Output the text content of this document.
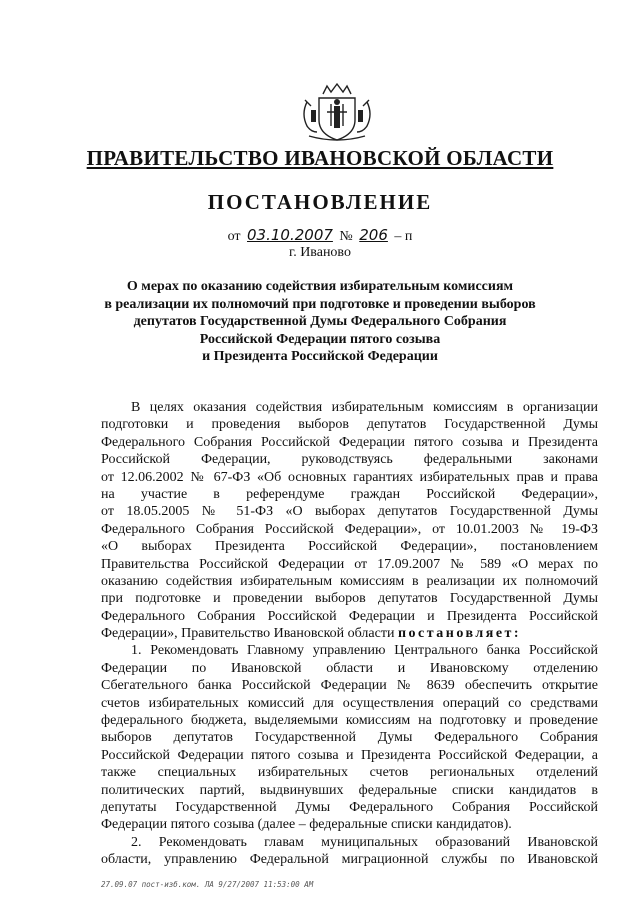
ПРАВИТЕЛЬСТВО ИВАНОВСКОЙ ОБЛАСТИ
ПОСТАНОВЛЕНИЕ
от 03.10.2007 № 206 – п
г. Иваново
О мерах по оказанию содействия избирательным комиссиям
в реализации их полномочий при подготовке и проведении выборов
депутатов Государственной Думы Федерального Собрания
Российской Федерации пятого созыва
и Президента Российской Федерации
В целях оказания содействия избирательным комиссиям в организации
подготовки и проведения выборов депутатов Государственной Думы
Федерального Собрания Российской Федерации пятого созыва и Президента
Российской Федерации, руководствуясь федеральными законами
от 12.06.2002 № 67-ФЗ «Об основных гарантиях избирательных прав и права
на участие в референдуме граждан Российской Федерации»,
от 18.05.2005 № 51-ФЗ «О выборах депутатов Государственной Думы
Федерального Собрания Российской Федерации», от 10.01.2003 № 19-ФЗ
«О выборах Президента Российской Федерации», постановлением
Правительства Российской Федерации от 17.09.2007 № 589 «О мерах по
оказанию содействия избирательным комиссиям в реализации их полномочий
при подготовке и проведении выборов депутатов Государственной Думы
Федерального Собрания Российской Федерации и Президента Российской
Федерации», Правительство Ивановской области постановляет:
1. Рекомендовать Главному управлению Центрального банка Российской
Федерации по Ивановской области и Ивановскому отделению
Сбегательного банка Российской Федерации № 8639 обеспечить открытие
счетов избирательных комиссий для осуществления операций со средствами
федерального бюджета, выделяемыми комиссиям на подготовку и проведение
выборов депутатов Государственной Думы Федерального Собрания
Российской Федерации пятого созыва и Президента Российской Федерации, а
также специальных избирательных счетов региональных отделений
политических партий, выдвинувших федеральные списки кандидатов в
депутаты Государственной Думы Федерального Собрания Российской
Федерации пятого созыва (далее – федеральные списки кандидатов).
2. Рекомендовать главам муниципальных образований Ивановской
области, управлению Федеральной миграционной службы по Ивановской
27.09.07 пост-изб.ком. ЛА 9/27/2007 11:53:00 AM
